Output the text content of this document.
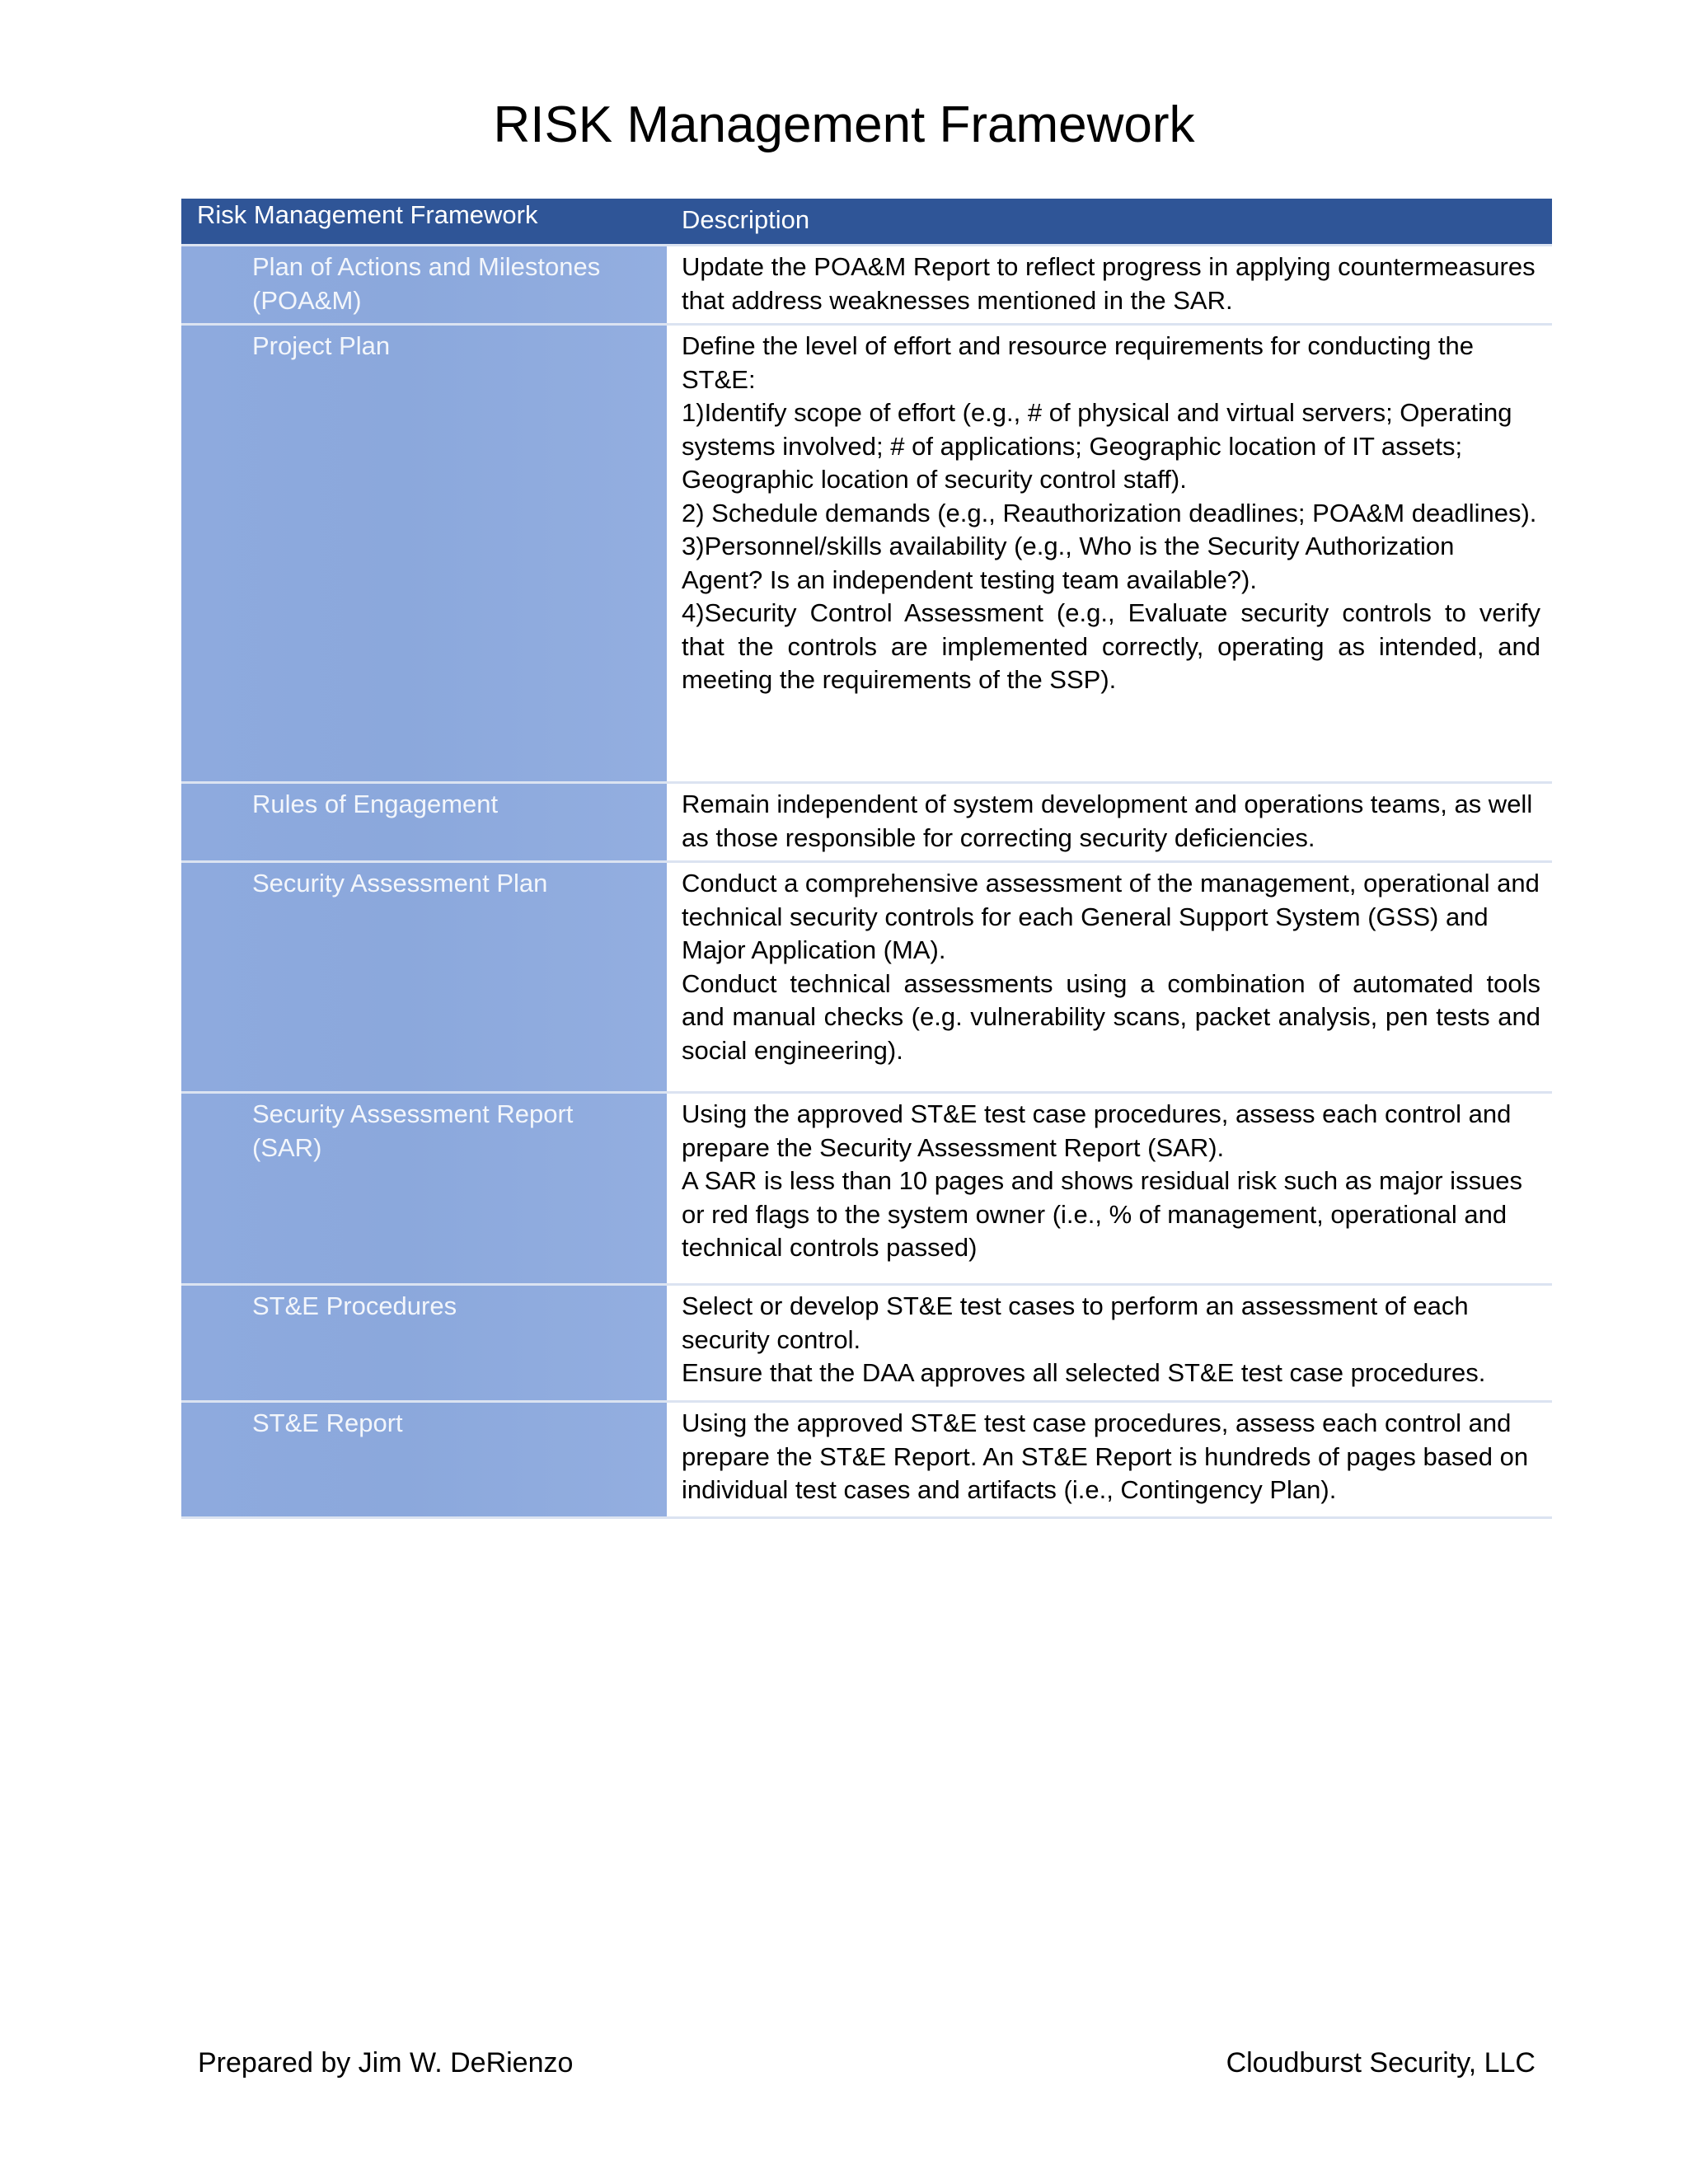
RISK Management Framework
Risk Management Framework	Description
Plan of Actions and Milestones (POA&M)	Update the POA&M Report to reflect progress in applying countermeasures that address weaknesses mentioned in the SAR.

Project Plan	Define the level of effort and resource requirements for conducting the ST&E:

1)Identify scope of effort (e.g., # of physical and virtual servers; Operating systems involved; # of applications; Geographic location of IT assets; Geographic location of security control staff).

2) Schedule demands (e.g., Reauthorization deadlines; POA&M deadlines).

3)Personnel/skills availability (e.g., Who is the Security Authorization Agent? Is an independent testing team available?).

4)Security Control Assessment (e.g., Evaluate security controls to verify that the controls are implemented correctly, operating as intended, and meeting the requirements of the SSP).

Rules of Engagement	Remain independent of system development and operations teams, as well as those responsible for correcting security deficiencies.

Security Assessment Plan	Conduct a comprehensive assessment of the management, operational and technical security controls for each General Support System (GSS) and Major Application (MA).

Conduct technical assessments using a combination of automated tools and manual checks (e.g. vulnerability scans, packet analysis, pen tests and social engineering).

Security Assessment Report (SAR)	Using the approved ST&E test case procedures, assess each control and prepare the Security Assessment Report (SAR).

A SAR is less than 10 pages and shows residual risk such as major issues or red flags to the system owner (i.e., % of management, operational and technical controls passed)

ST&E Procedures	Select or develop ST&E test cases to perform an assessment of each security control.

Ensure that the DAA approves all selected ST&E test case procedures.

ST&E Report	Using the approved ST&E test case procedures, assess each control and prepare the ST&E Report. An ST&E Report is hundreds of pages based on individual test cases and artifacts (i.e., Contingency Plan).

Prepared by Jim W. DeRienzo	Cloudburst Security, LLC
